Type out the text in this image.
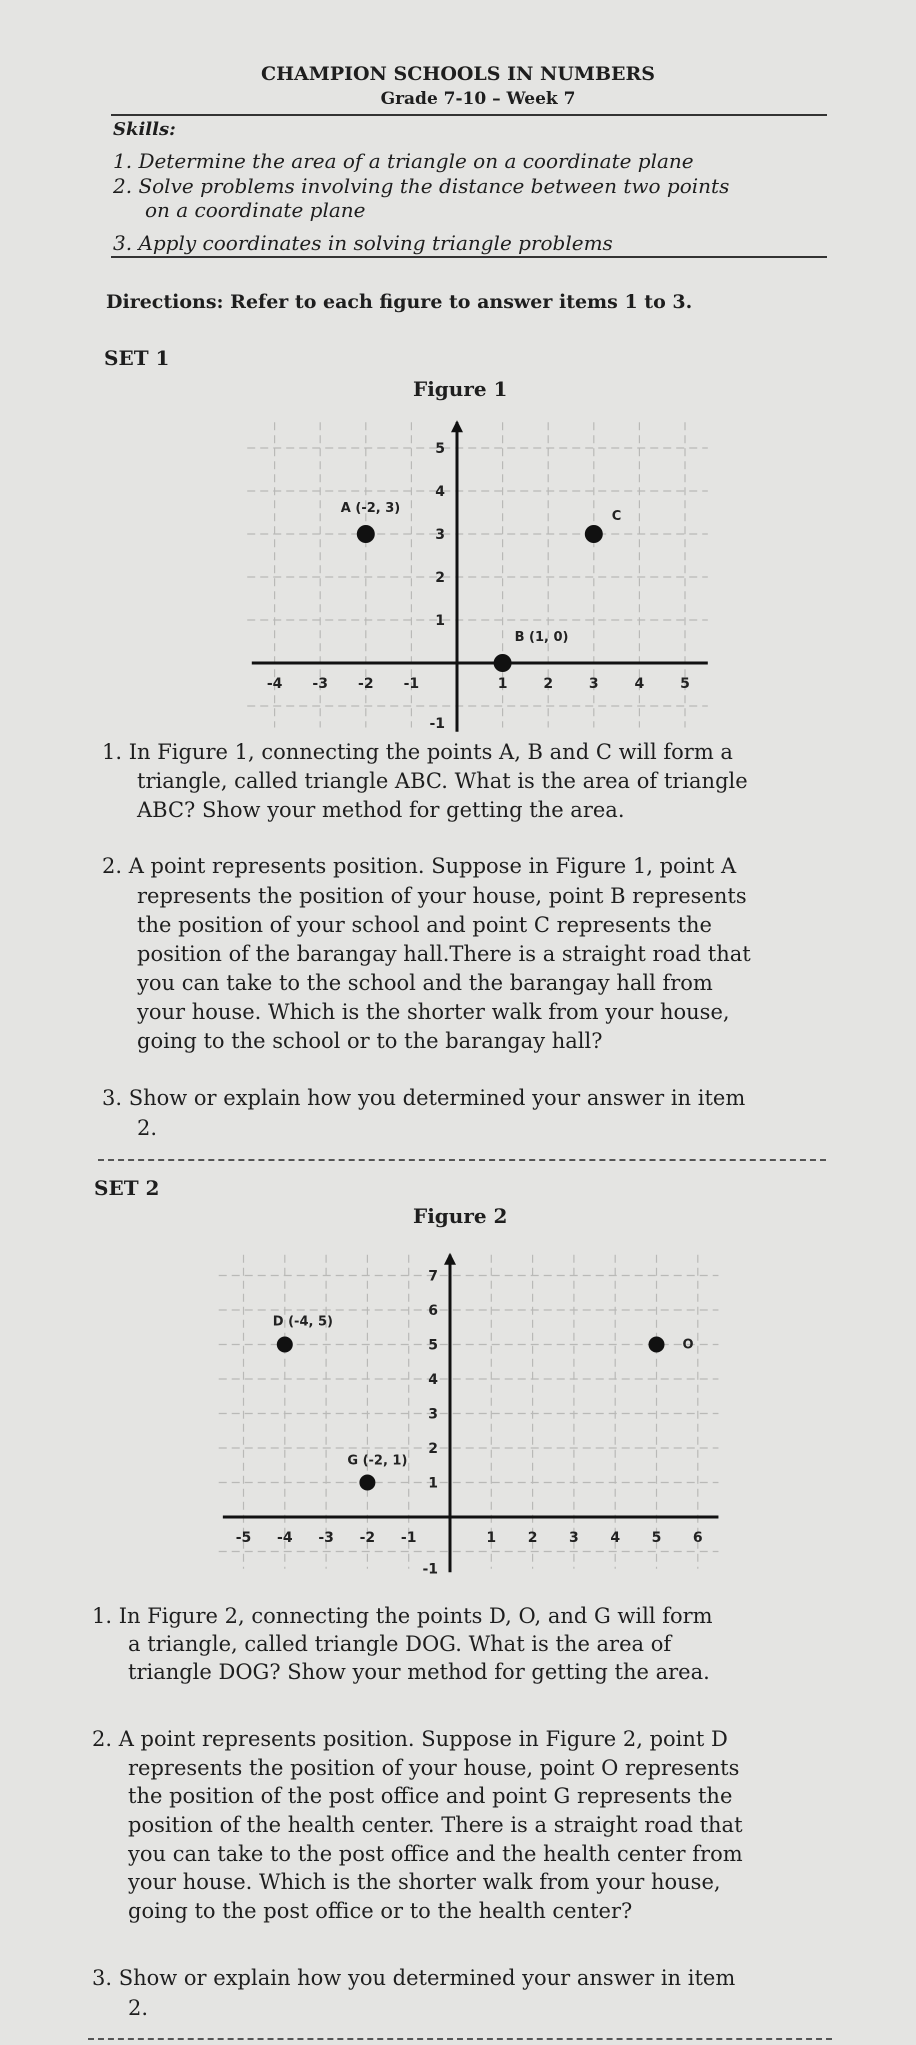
CHAMPION SCHOOLS IN NUMBERS
Grade 7-10 – Week 7
Skills:
1. Determine the area of a triangle on a coordinate plane
2. Solve problems involving the distance between two points
on a coordinate plane
3. Apply coordinates in solving triangle problems
Directions: Refer to each figure to answer items 1 to 3.
SET 1
Figure 1
1. In Figure 1, connecting the points A, B and C will form a
triangle, called triangle ABC. What is the area of triangle
ABC? Show your method for getting the area.
2. A point represents position. Suppose in Figure 1, point A
represents the position of your house, point B represents
the position of your school and point C represents the
position of the barangay hall.There is a straight road that
you can take to the school and the barangay hall from
your house. Which is the shorter walk from your house,
going to the school or to the barangay hall?
3. Show or explain how you determined your answer in item
2.
SET 2
Figure 2
1. In Figure 2, connecting the points D, O, and G will form
a triangle, called triangle DOG. What is the area of
triangle DOG? Show your method for getting the area.
2. A point represents position. Suppose in Figure 2, point D
represents the position of your house, point O represents
the position of the post office and point G represents the
position of the health center. There is a straight road that
you can take to the post office and the health center from
your house. Which is the shorter walk from your house,
going to the post office or to the health center?
3. Show or explain how you determined your answer in item
2.
-4 -3 -2 -1	1	2	3	4	5
-1
1
2
3
4
5
A (-2, 3)
B (1, 0)
C
-5 -4 -3 -2 -1	1 2 3 4 5 6
-1
1
2
3
4
5
6
7
D (-4, 5)
O
G (-2, 1)
